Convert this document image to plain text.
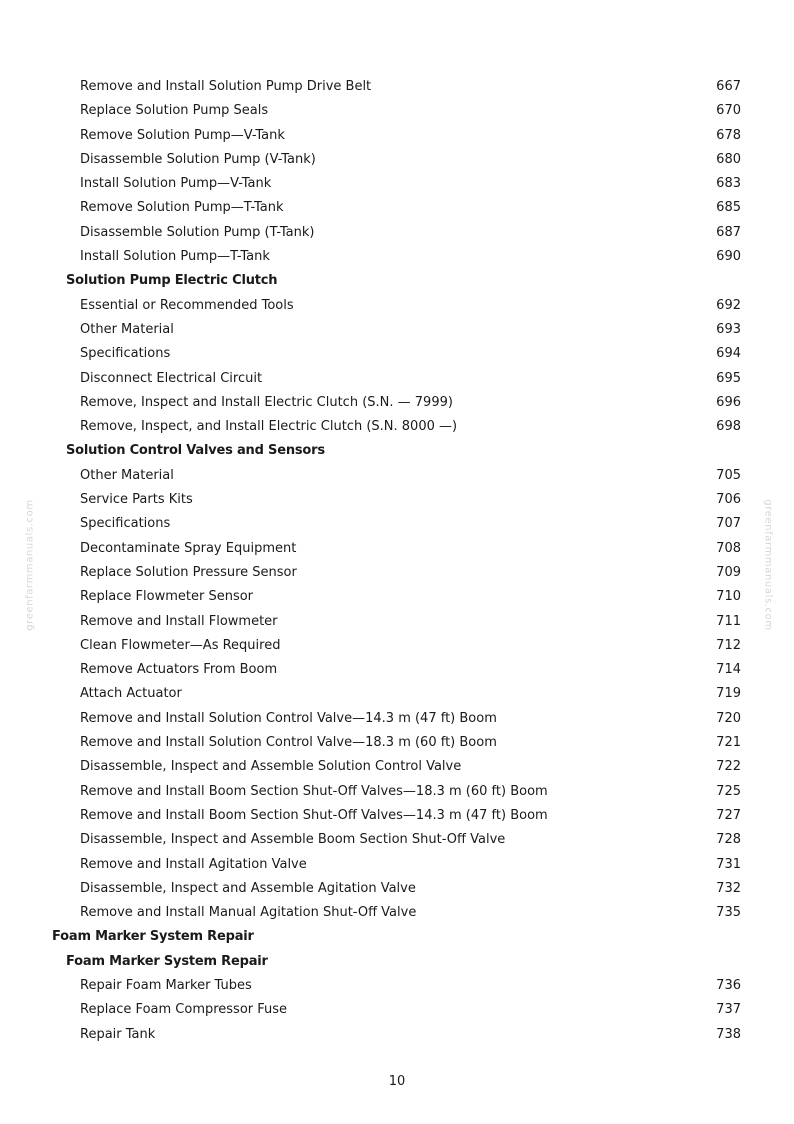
greenfarmmanuals.com	greenfarmmanuals.com
Remove and Install Solution Pump Drive Belt	667
Replace Solution Pump Seals	670
Remove Solution Pump—V-Tank	678
Disassemble Solution Pump (V-Tank)	680
Install Solution Pump—V-Tank	683
Remove Solution Pump—T-Tank	685
Disassemble Solution Pump (T-Tank)	687
Install Solution Pump—T-Tank	690
Solution Pump Electric Clutch
Essential or Recommended Tools	692
Other Material	693
Specifications	694
Disconnect Electrical Circuit	695
Remove, Inspect and Install Electric Clutch (S.N. — 7999)	696
Remove, Inspect, and Install Electric Clutch (S.N. 8000 —)	698
Solution Control Valves and Sensors
Other Material	705
Service Parts Kits	706
Specifications	707
Decontaminate Spray Equipment	708
Replace Solution Pressure Sensor	709
Replace Flowmeter Sensor	710
Remove and Install Flowmeter	711
Clean Flowmeter—As Required	712
Remove Actuators From Boom	714
Attach Actuator	719
Remove and Install Solution Control Valve—14.3 m (47 ft) Boom	720
Remove and Install Solution Control Valve—18.3 m (60 ft) Boom	721
Disassemble, Inspect and Assemble Solution Control Valve	722
Remove and Install Boom Section Shut-Off Valves—18.3 m (60 ft) Boom	725
Remove and Install Boom Section Shut-Off Valves—14.3 m (47 ft) Boom	727
Disassemble, Inspect and Assemble Boom Section Shut-Off Valve	728
Remove and Install Agitation Valve	731
Disassemble, Inspect and Assemble Agitation Valve	732
Remove and Install Manual Agitation Shut-Off Valve	735
Foam Marker System Repair
Foam Marker System Repair
Repair Foam Marker Tubes	736
Replace Foam Compressor Fuse	737
Repair Tank	738
10
